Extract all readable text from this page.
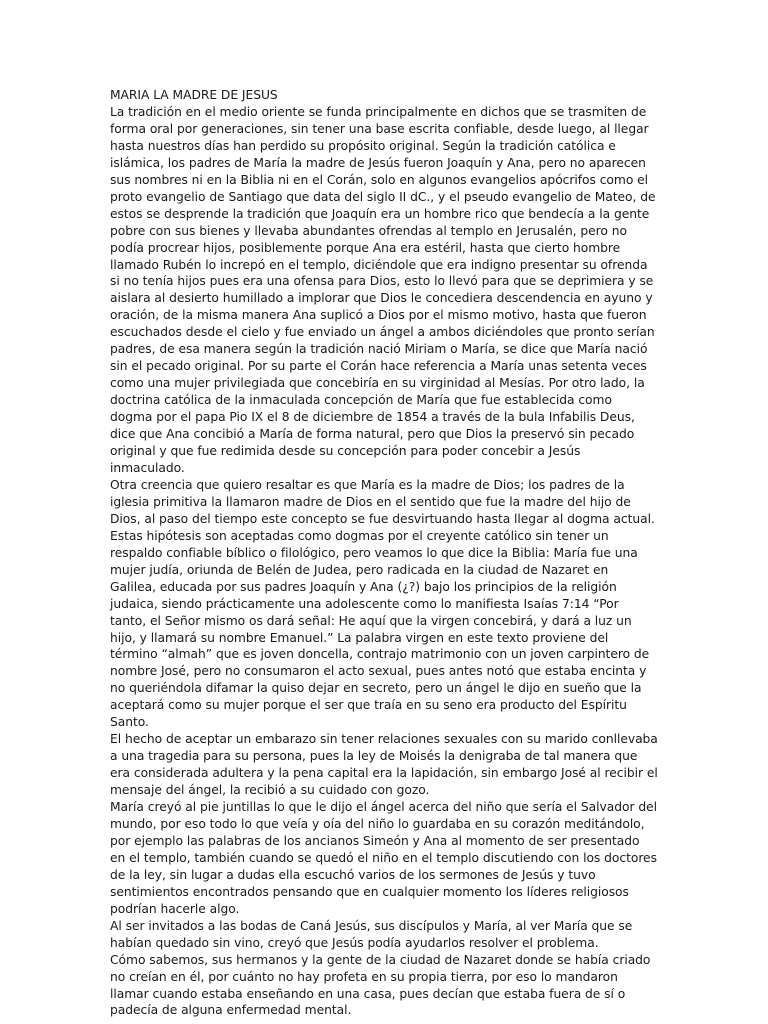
MARIA LA MADRE DE JESUS

La tradición en el medio oriente se funda principalmente en dichos que se trasmiten de forma oral por generaciones, sin tener una base escrita confiable, desde luego, al llegar hasta nuestros días han perdido su propósito original. Según la tradición católica e islámica, los padres de María la madre de Jesús fueron Joaquín y Ana, pero no aparecen sus nombres ni en la Biblia ni en el Corán, solo en algunos evangelios apócrifos como el proto evangelio de Santiago que data del siglo II dC., y el pseudo evangelio de Mateo, de estos se desprende la tradición que Joaquín era un hombre rico que bendecía a la gente pobre con sus bienes y llevaba abundantes ofrendas al templo en Jerusalén, pero no podía procrear hijos, posiblemente porque Ana era estéril, hasta que cierto hombre llamado Rubén lo increpó en el templo, diciéndole que era indigno presentar su ofrenda si no tenía hijos pues era una ofensa para Dios, esto lo llevó para que se deprimiera y se aislara al desierto humillado a implorar que Dios le concediera descendencia en ayuno y oración, de la misma manera Ana suplicó a Dios por el mismo motivo, hasta que fueron escuchados desde el cielo y fue enviado un ángel a ambos diciéndoles que pronto serían padres, de esa manera según la tradición nació Miriam o María, se dice que María nació sin el pecado original. Por su parte el Corán hace referencia a María unas setenta veces como una mujer privilegiada que concebiría en su virginidad al Mesías. Por otro lado, la doctrina católica de la inmaculada concepción de María que fue establecida como dogma por el papa Pio IX el 8 de diciembre de 1854 a través de la bula Infabilis Deus, dice que Ana concibió a María de forma natural, pero que Dios la preservó sin pecado original y que fue redimida desde su concepción para poder concebir a Jesús inmaculado.

Otra creencia que quiero resaltar es que María es la madre de Dios; los padres de la iglesia primitiva la llamaron madre de Dios en el sentido que fue la madre del hijo de Dios, al paso del tiempo este concepto se fue desvirtuando hasta llegar al dogma actual.

Estas hipótesis son aceptadas como dogmas por el creyente católico sin tener un respaldo confiable bíblico o filológico, pero veamos lo que dice la Biblia: María fue una mujer judía, oriunda de Belén de Judea, pero radicada en la ciudad de Nazaret en Galilea, educada por sus padres Joaquín y Ana (¿?) bajo los principios de la religión judaica, siendo prácticamente una adolescente como lo manifiesta Isaías 7:14 “Por tanto, el Señor mismo os dará señal: He aquí que la virgen concebirá, y dará a luz un hijo, y llamará su nombre Emanuel.” La palabra virgen en este texto proviene del término “almah” que es joven doncella, contrajo matrimonio con un joven carpintero de nombre José, pero no consumaron el acto sexual, pues antes notó que estaba encinta y no queriéndola difamar la quiso dejar en secreto, pero un ángel le dijo en sueño que la aceptará como su mujer porque el ser que traía en su seno era producto del Espíritu Santo.

El hecho de aceptar un embarazo sin tener relaciones sexuales con su marido conllevaba a una tragedia para su persona, pues la ley de Moisés la denigraba de tal manera que era considerada adultera y la pena capital era la lapidación, sin embargo José al recibir el mensaje del ángel, la recibió a su cuidado con gozo.

María creyó al pie juntillas lo que le dijo el ángel acerca del niño que sería el Salvador del mundo, por eso todo lo que veía y oía del niño lo guardaba en su corazón meditándolo, por ejemplo las palabras de los ancianos Simeón y Ana al momento de ser presentado en el templo, también cuando se quedó el niño en el templo discutiendo con los doctores de la ley, sin lugar a dudas ella escuchó varios de los sermones de Jesús y tuvo sentimientos encontrados pensando que en cualquier momento los líderes religiosos podrían hacerle algo.

Al ser invitados a las bodas de Caná Jesús, sus discípulos y María, al ver María que se habían quedado sin vino, creyó que Jesús podía ayudarlos resolver el problema.

Cómo sabemos, sus hermanos y la gente de la ciudad de Nazaret donde se había criado no creían en él, por cuánto no hay profeta en su propia tierra, por eso lo mandaron llamar cuando estaba enseñando en una casa, pues decían que estaba fuera de sí o padecía de alguna enfermedad mental.
